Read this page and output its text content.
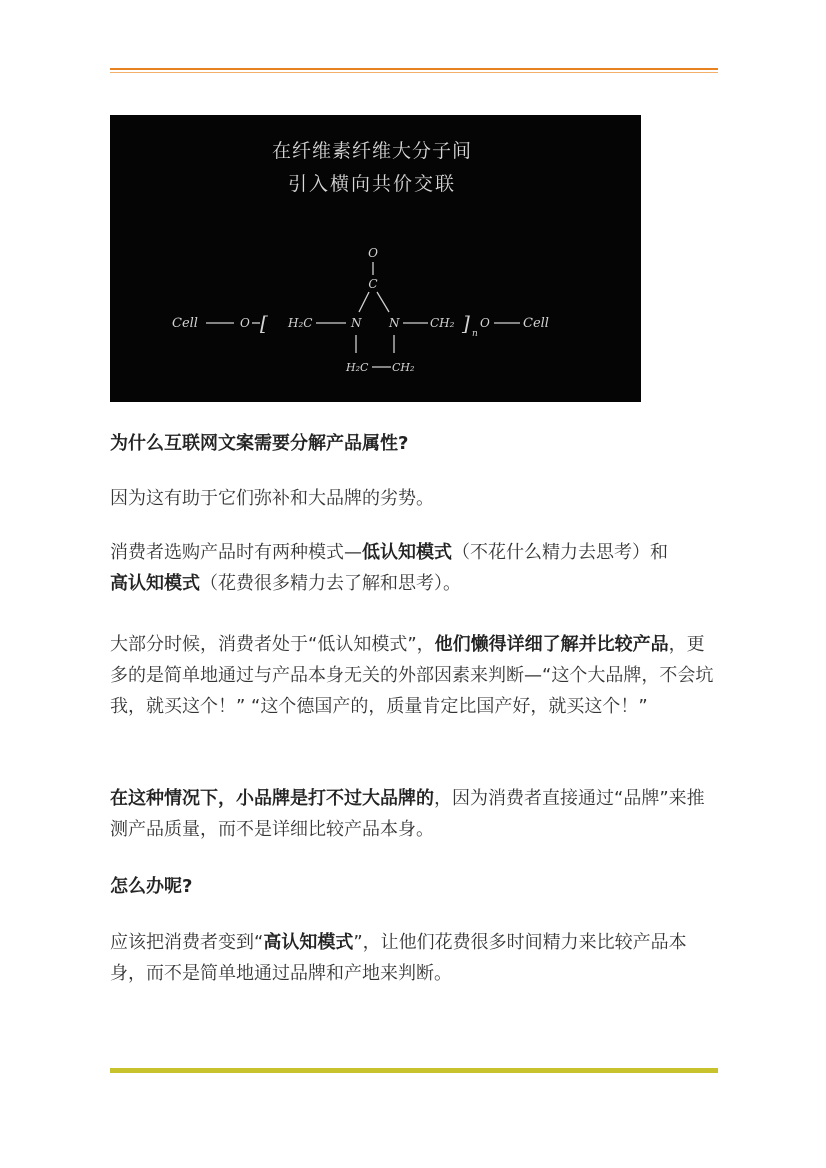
在纤维素纤维大分子间
引入横向共价交联
O
C
Cell	O [ H₂C	N N	CH₂ ] n
O	Cell
H₂C CH₂

为什么互联网文案需要分解产品属性?

因为这有助于它们弥补和大品牌的劣势。

消费者选购产品时有两种模式—低认知模式（不花什么精力去思考）和
高认知模式（花费很多精力去了解和思考）。

大部分时候，消费者处于“低认知模式”，他们懒得详细了解并比较产品，更多的是简单地通过与产品本身无关的外部因素来判断—“这个大品牌，不会坑我，就买这个！” “这个德国产的，质量肯定比国产好，就买这个！”

在这种情况下，小品牌是打不过大品牌的，因为消费者直接通过“品牌”来推测产品质量，而不是详细比较产品本身。

怎么办呢?

应该把消费者变到“高认知模式”，让他们花费很多时间精力来比较产品本身，而不是简单地通过品牌和产地来判断。
